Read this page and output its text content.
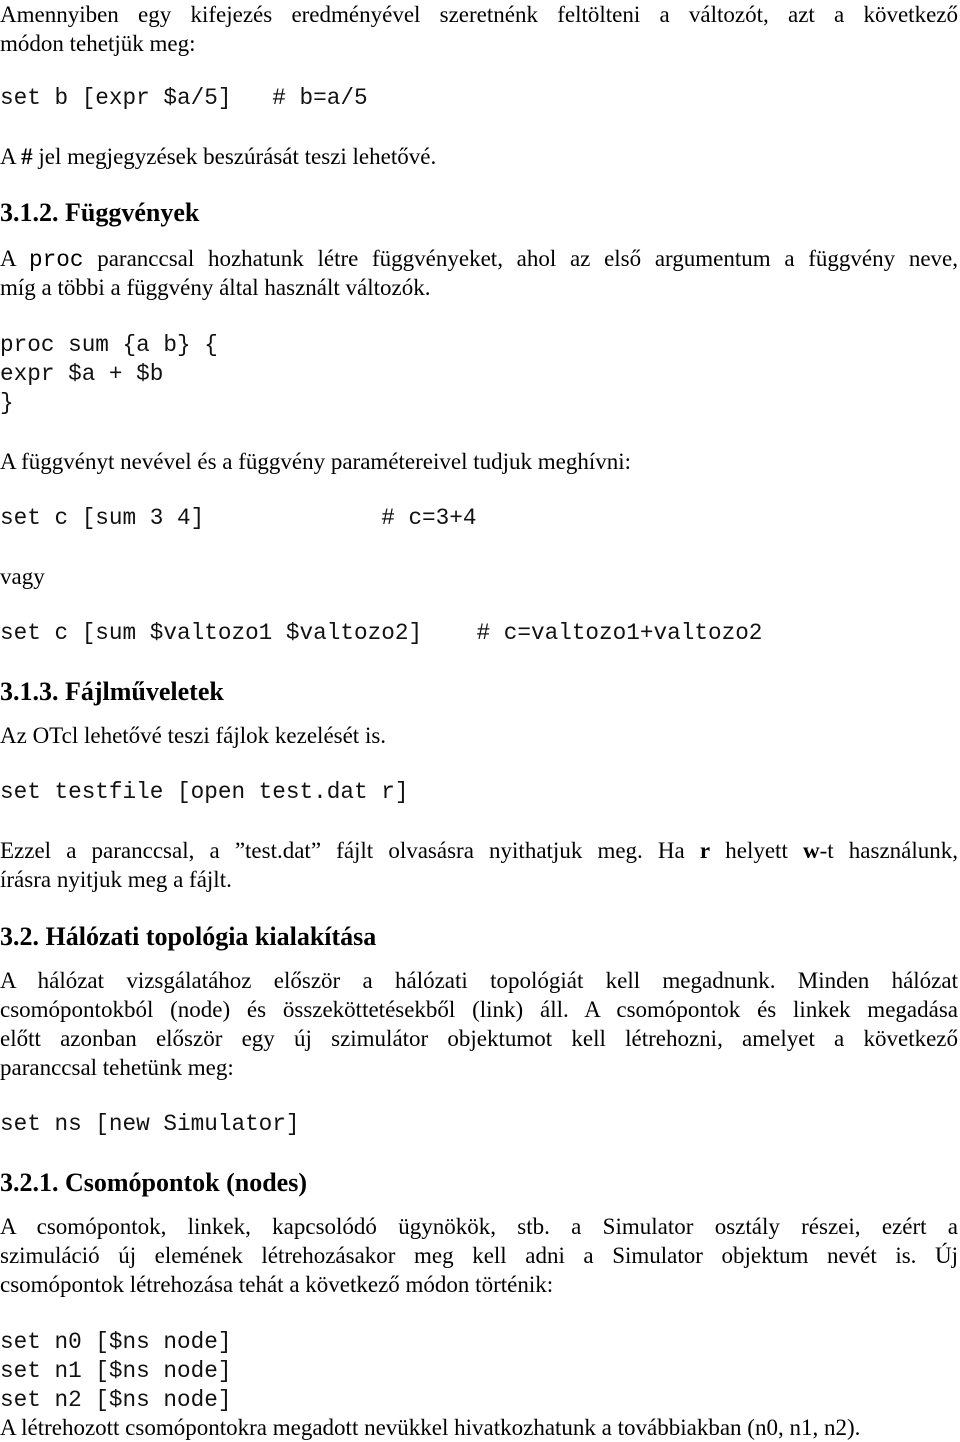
Amennyiben egy kifejezés eredményével szeretnénk feltölteni a változót, azt a következő
módon tehetjük meg:
set b [expr $a/5]   # b=a/5
A # jel megjegyzések beszúrását teszi lehetővé.
3.1.2. Függvények
A proc paranccsal hozhatunk létre függvényeket, ahol az első argumentum a függvény neve,
míg a többi a függvény által használt változók.
proc sum {a b} {
expr $a + $b
}
A függvényt nevével és a függvény paramétereivel tudjuk meghívni:
set c [sum 3 4]             # c=3+4
vagy
set c [sum $valtozo1 $valtozo2]    # c=valtozo1+valtozo2
3.1.3. Fájlműveletek
Az OTcl lehetővé teszi fájlok kezelését is.
set testfile [open test.dat r]
Ezzel a paranccsal, a ”test.dat” fájlt olvasásra nyithatjuk meg. Ha r helyett w-t használunk,
írásra nyitjuk meg a fájlt.
3.2. Hálózati topológia kialakítása
A hálózat vizsgálatához először a hálózati topológiát kell megadnunk. Minden hálózat
csomópontokból (node) és összeköttetésekből (link) áll. A csomópontok és linkek megadása
előtt azonban először egy új szimulátor objektumot kell létrehozni, amelyet a következő
paranccsal tehetünk meg:
set ns [new Simulator]
3.2.1. Csomópontok (nodes)
A csomópontok, linkek, kapcsolódó ügynökök, stb. a Simulator osztály részei, ezért a
szimuláció új elemének létrehozásakor meg kell adni a Simulator objektum nevét is. Új
csomópontok létrehozása tehát a következő módon történik:
set n0 [$ns node]
set n1 [$ns node]
set n2 [$ns node]
A létrehozott csomópontokra megadott nevükkel hivatkozhatunk a továbbiakban (n0, n1, n2).
